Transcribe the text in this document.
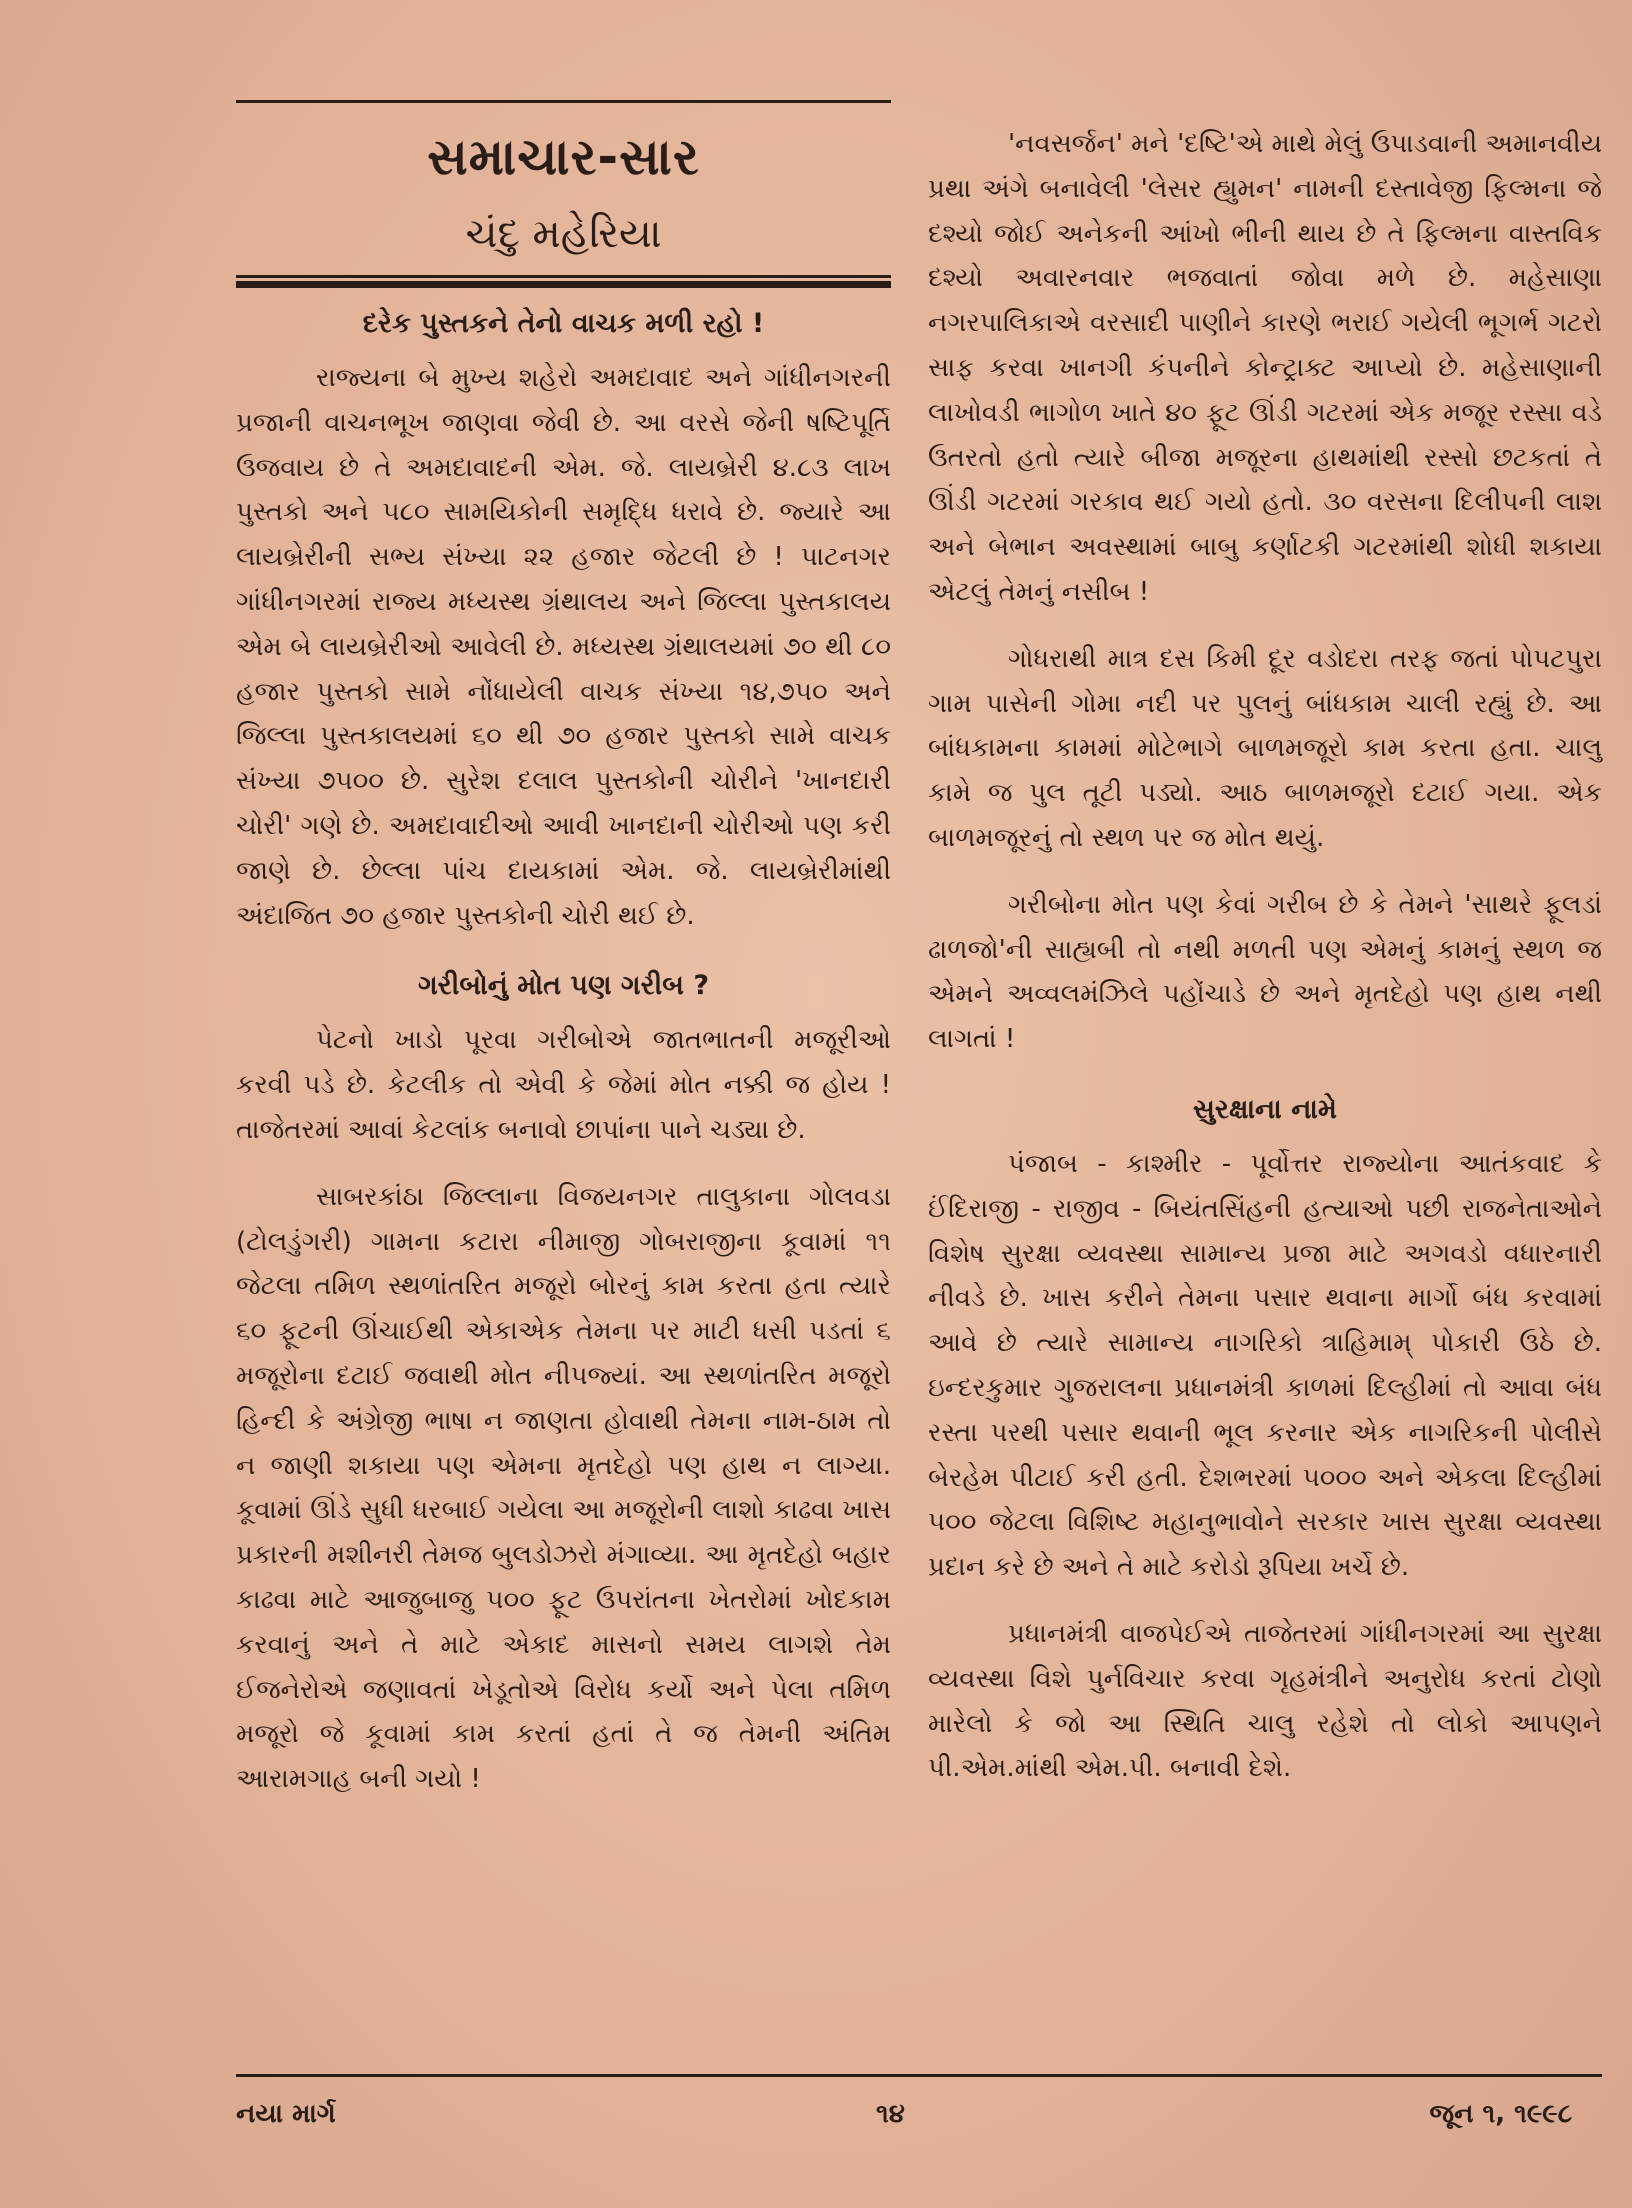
સમાચાર-સાર
ચંદુ મહેરિયા
દરેક પુસ્તકને તેનો વાચક મળી રહો !

રાજ્યના બે મુખ્ય શહેરો અમદાવાદ અને ગાંધીનગરની પ્રજાની વાચનભૂખ જાણવા જેવી છે. આ વરસે જેની ષષ્ટિપૂર્તિ ઉજવાય છે તે અમદાવાદની એમ. જે. લાયબ્રેરી ૪.૮૩ લાખ પુસ્તકો અને ૫૮૦ સામયિકોની સમૃદ્ધિ ધરાવે છે. જ્યારે આ લાયબ્રેરીની સભ્ય સંખ્યા ૨૨ હજાર જેટલી છે ! પાટનગર ગાંધીનગરમાં રાજ્ય મધ્યસ્થ ગ્રંથાલય અને જિલ્લા પુસ્તકાલય એમ બે લાયબ્રેરીઓ આવેલી છે. મધ્યસ્થ ગ્રંથાલયમાં ૭૦ થી ૮૦ હજાર પુસ્તકો સામે નોંધાયેલી વાચક સંખ્યા ૧૪,૭૫૦ અને જિલ્લા પુસ્તકાલયમાં ૬૦ થી ૭૦ હજાર પુસ્તકો સામે વાચક સંખ્યા ૭૫૦૦ છે. સુરેશ દલાલ પુસ્તકોની ચોરીને 'ખાનદારી ચોરી' ગણે છે. અમદાવાદીઓ આવી ખાનદાની ચોરીઓ પણ કરી જાણે છે. છેલ્લા પાંચ દાયકામાં એમ. જે. લાયબ્રેરીમાંથી અંદાજિત ૭૦ હજાર પુસ્તકોની ચોરી થઈ છે.

ગરીબોનું મોત પણ ગરીબ ?

પેટનો ખાડો પૂરવા ગરીબોએ જાતભાતની મજૂરીઓ કરવી પડે છે. કેટલીક તો એવી કે જેમાં મોત નક્કી જ હોય ! તાજેતરમાં આવાં કેટલાંક બનાવો છાપાંના પાને ચડ્યા છે.

સાબરકાંઠા જિલ્લાના વિજયનગર તાલુકાના ગોલવડા (ટોલડુંગરી) ગામના કટારા નીમાજી ગોબરાજીના કૂવામાં ૧૧ જેટલા તમિળ સ્થળાંતરિત મજૂરો બોરનું કામ કરતા હતા ત્યારે ૬૦ ફૂટની ઊંચાઈથી એકાએક તેમના પર માટી ધસી પડતાં ૬ મજૂરોના દટાઈ જવાથી મોત નીપજ્યાં. આ સ્થળાંતરિત મજૂરો હિન્દી કે અંગ્રેજી ભાષા ન જાણતા હોવાથી તેમના નામ-ઠામ તો ન જાણી શકાયા પણ એમના મૃતદેહો પણ હાથ ન લાગ્યા. કૂવામાં ઊંડે સુધી ધરબાઈ ગયેલા આ મજૂરોની લાશો કાઢવા ખાસ પ્રકારની મશીનરી તેમજ બુલડોઝરો મંગાવ્યા. આ મૃતદેહો બહાર કાઢવા માટે આજુબાજુ ૫૦૦ ફૂટ ઉપરાંતના ખેતરોમાં ખોદકામ કરવાનું અને તે માટે એકાદ માસનો સમય લાગશે તેમ ઈજનેરોએ જણાવતાં ખેડૂતોએ વિરોધ કર્યો અને પેલા તમિળ મજૂરો જે કૂવામાં કામ કરતાં હતાં તે જ તેમની અંતિમ આરામગાહ બની ગયો !

'નવસર્જન' મને 'દષ્ટિ'એ માથે મેલું ઉપાડવાની અમાનવીય પ્રથા અંગે બનાવેલી 'લેસર હ્યુમન' નામની દસ્તાવેજી ફિલ્મના જે દશ્યો જોઈ અનેકની આંખો ભીની થાય છે તે ફિલ્મના વાસ્તવિક દશ્યો અવારનવાર ભજવાતાં જોવા મળે છે. મહેસાણા નગરપાલિકાએ વરસાદી પાણીને કારણે ભરાઈ ગયેલી ભૂગર્ભ ગટરો સાફ કરવા ખાનગી કંપનીને કોન્ટ્રાક્ટ આપ્યો છે. મહેસાણાની લાખોવડી ભાગોળ ખાતે ૪૦ ફૂટ ઊંડી ગટરમાં એક મજૂર રસ્સા વડે ઉતરતો હતો ત્યારે બીજા મજૂરના હાથમાંથી રસ્સો છટકતાં તે ઊંડી ગટરમાં ગરકાવ થઈ ગયો હતો. ૩૦ વરસના દિલીપની લાશ અને બેભાન અવસ્થામાં બાબુ કર્ણાટકી ગટરમાંથી શોધી શકાયા એટલું તેમનું નસીબ !

ગોધરાથી માત્ર દસ કિમી દૂર વડોદરા તરફ જતાં પોપટપુરા ગામ પાસેની ગોમા નદી પર પુલનું બાંધકામ ચાલી રહ્યું છે. આ બાંધકામના કામમાં મોટેભાગે બાળમજૂરો કામ કરતા હતા. ચાલુ કામે જ પુલ તૂટી પડ્યો. આઠ બાળમજૂરો દટાઈ ગયા. એક બાળમજૂરનું તો સ્થળ પર જ મોત થયું.

ગરીબોના મોત પણ કેવાં ગરીબ છે કે તેમને 'સાથરે ફૂલડાં ઢાળજો'ની સાહ્યબી તો નથી મળતી પણ એમનું કામનું સ્થળ જ એમને અવ્વલમંઝિલે પહોંચાડે છે અને મૃતદેહો પણ હાથ નથી લાગતાં !

સુરક્ષાના નામે

પંજાબ - કાશ્મીર - પૂર્વોત્તર રાજ્યોના આતંકવાદ કે ઈંદિરાજી - રાજીવ - બિયંતસિંહની હત્યાઓ પછી રાજનેતાઓને વિશેષ સુરક્ષા વ્યવસ્થા સામાન્ય પ્રજા માટે અગવડો વધારનારી નીવડે છે. ખાસ કરીને તેમના પસાર થવાના માર્ગો બંધ કરવામાં આવે છે ત્યારે સામાન્ય નાગરિકો ત્રાહિમામ્ પોકારી ઉઠે છે. ઇન્દરકુમાર ગુજરાલના પ્રધાનમંત્રી કાળમાં દિલ્હીમાં તો આવા બંધ રસ્તા પરથી પસાર થવાની ભૂલ કરનાર એક નાગરિકની પોલીસે બેરહેમ પીટાઈ કરી હતી. દેશભરમાં ૫૦૦૦ અને એકલા દિલ્હીમાં ૫૦૦ જેટલા વિશિષ્ટ મહાનુભાવોને સરકાર ખાસ સુરક્ષા વ્યવસ્થા પ્રદાન કરે છે અને તે માટે કરોડો રૂપિયા ખર્ચે છે.

પ્રધાનમંત્રી વાજપેઈએ તાજેતરમાં ગાંધીનગરમાં આ સુરક્ષા વ્યવસ્થા વિશે પુર્નવિચાર કરવા ગૃહમંત્રીને અનુરોધ કરતાં ટોણો મારેલો કે જો આ સ્થિતિ ચાલુ રહેશે તો લોકો આપણને પી.એમ.માંથી એમ.પી. બનાવી દેશે.

નયા માર્ગ	૧૪	જૂન ૧, ૧૯૯૮
